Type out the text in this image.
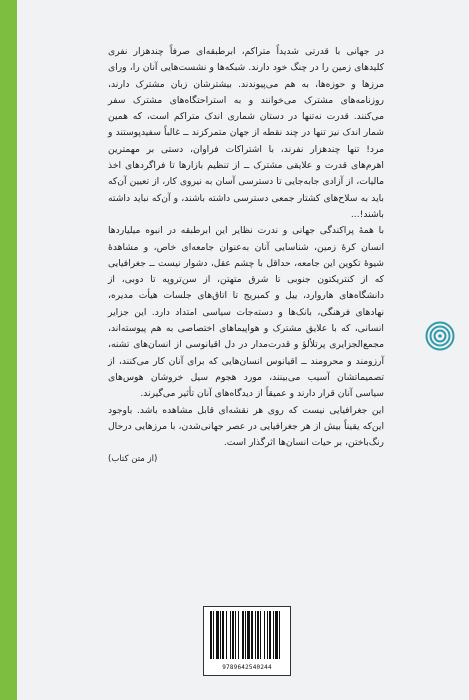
در جهانی با قدرتی شدیداً متراکم، ابرطبقه‌ای صرفاً چندهزار نفری کلیدهای زمین را در چنگ خود دارند. شبکه‌ها و نشست‌هایی آنان را، ورای مرزها و حوزه‌ها، به هم می‌پیوندند. بیشترشان زبان مشترک دارند، روزنامه‌های مشترک می‌خوانند و به استراحتگاه‌های مشترک سفر می‌کنند. قدرت نه‌تنها در دستان شماری اندک متراکم است، که همین شمار اندک نیز تنها در چند نقطه از جهان متمرکزند ــ غالباً سفیدپوستند و مرد! تنها چندهزار نفرند، با اشتراکات فراوان، دستی بر مهمترین اهرم‌های قدرت و علایقی مشترک ــ از تنظیم بازارها تا فراگردهای اخذ مالیات، از آزادی جابه‌جایی تا دسترسی آسان به نیروی کار، از تعیین آن‌که باید به سلاح‌های کشتار جمعی دسترسی داشته باشند، و آن‌که نباید داشته باشند!...

با همهٔ پراکندگی جهانی و ندرت نظایر این ابرطبقه در انبوه میلیاردها انسان کرهٔ زمین، شناسایی آنان به‌عنوان جامعه‌ای خاص، و مشاهدهٔ شیوهٔ تکوین این جامعه، حداقل با چشم عقل، دشوار نیست ــ جغرافیایی که از کنتریکتون جنوبی تا شرق متهتن، از سن‌تروپه تا دوبی، از دانشگاه‌های هاروارد، ییل و کمبریج تا اتاق‌های جلسات هیأت مدیره، نهادهای فرهنگی، بانک‌ها و دسته‌جات سیاسی امتداد دارد. این جزایر انسانی، که با علایق مشترک و هواپیماهای اختصاصی به هم پیوسته‌اند، مجمع‌الجزایری پرتلألؤ و قدرت‌مدار در دل اقیانوسی از انسان‌های تشنه، آرزومند و محرومند ــ اقیانوس انسان‌هایی که برای آنان کار می‌کنند، از تصمیماتشان آسیب می‌بینند، مورد هجوم سیل خروشان هوس‌های سیاسی آنان قرار دارند و عمیقاً از دیدگاه‌های آنان تأثیر می‌گیرند.

این جغرافیایی نیست که روی هر نقشه‌ای قابل مشاهده باشد. باوجود این‌که یقیناً بیش از هر جغرافیایی در عصر جهانی‌شدن، با مرزهایی درحال رنگ‌باختن، بر حیات انسان‌ها اثرگذار است.

(از متن کتاب)

9789642540244
